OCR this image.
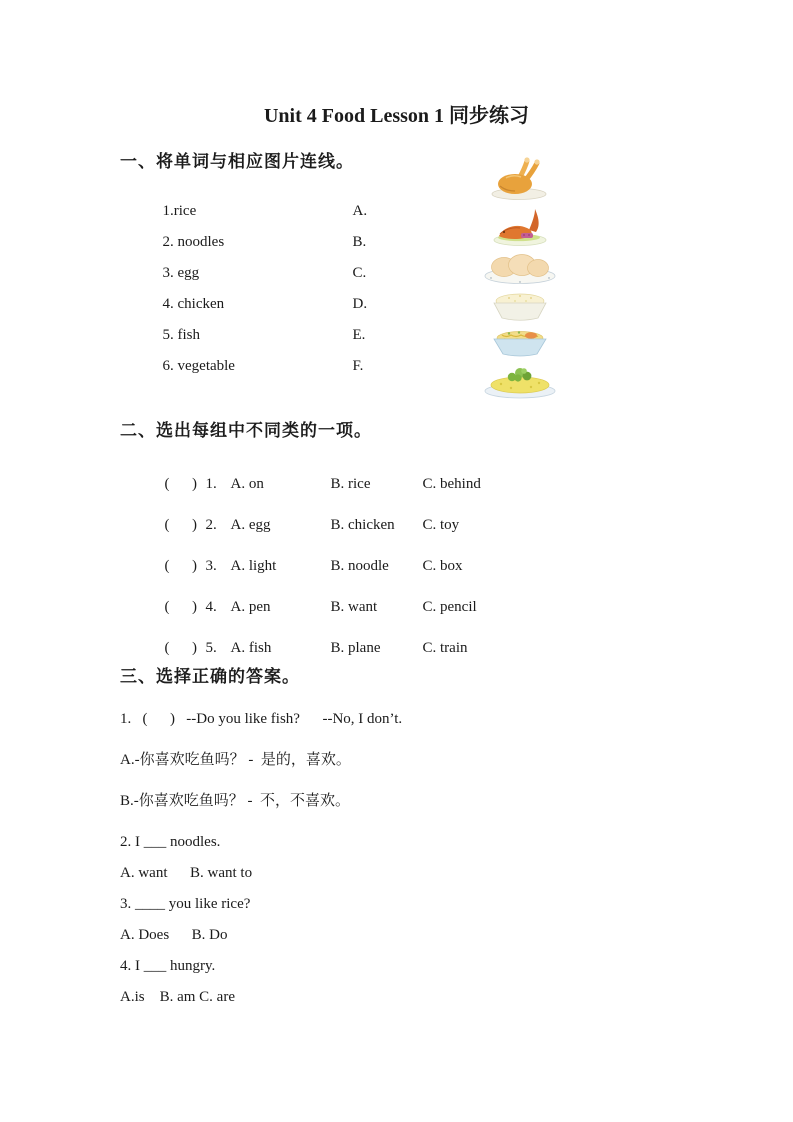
Unit 4 Food Lesson 1 同步练习
一、将单词与相应图片连线。

1.rice	A.

2. noodles	B.

3. egg	C.

4. chicken	D.

5. fish	E.

6. vegetable	F.

二、选出每组中不同类的一项。

(      ) 1. A. on	B. rice	C. behind

(      ) 2. A. egg	B. chicken C. toy

(      ) 3. A. light	B. noodle C. box

(      ) 4. A. pen	B. want	C. pencil

(      ) 5. A. fish	B. plane	C. train

三、选择正确的答案。

1.   (      )   --Do you like fish?      --No, I don’t.

A.-你喜欢吃鱼吗？ -  是的，喜欢。

B.-你喜欢吃鱼吗？ -  不，不喜欢。

2. I ___ noodles.

A. want      B. want to

3. ____ you like rice?

A. Does      B. Do

4. I ___ hungry.

A.is    B. am C. are
